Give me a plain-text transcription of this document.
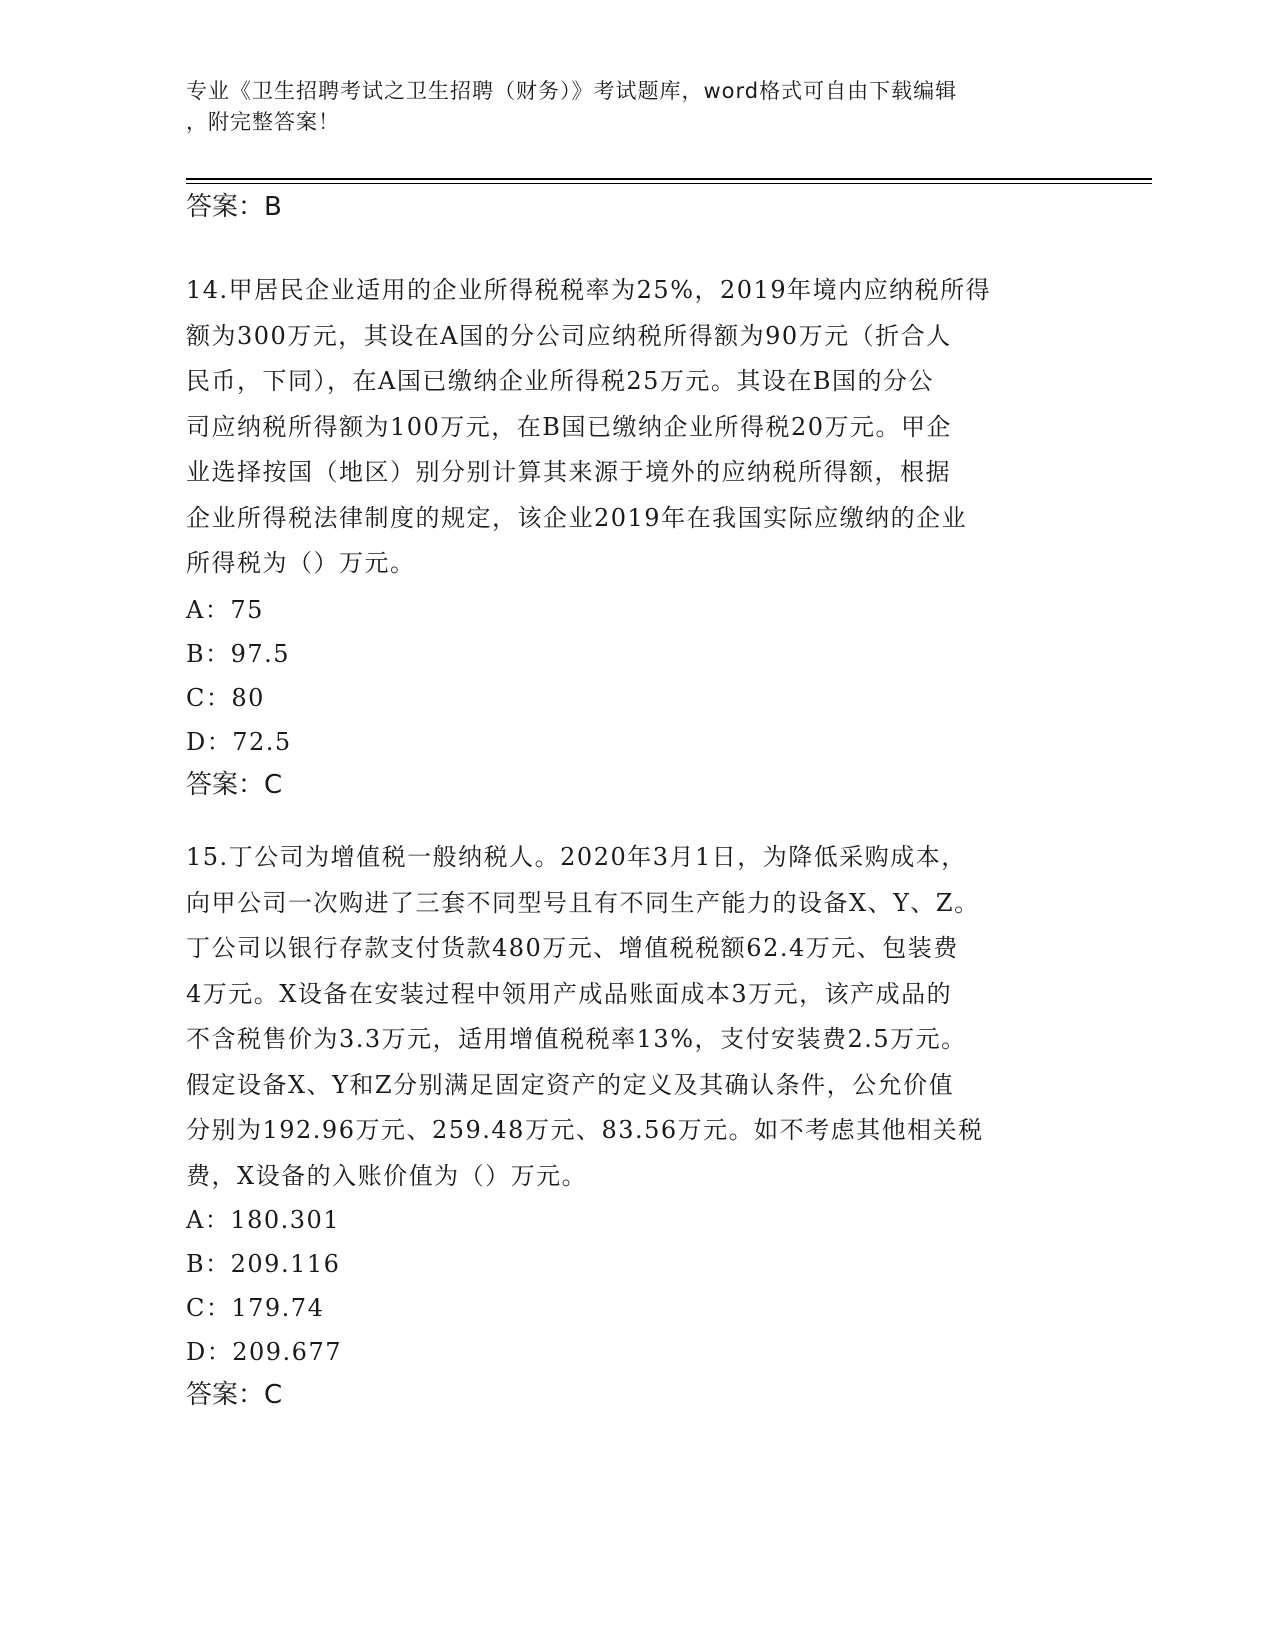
专业《卫生招聘考试之卫生招聘（财务）》考试题库，word格式可自由下载编辑
，附完整答案！
答案：B
14.甲居民企业适用的企业所得税税率为25%，2019年境内应纳税所得
额为300万元，其设在A国的分公司应纳税所得额为90万元（折合人
民币，下同），在A国已缴纳企业所得税25万元。其设在B国的分公
司应纳税所得额为100万元，在B国已缴纳企业所得税20万元。甲企
业选择按国（地区）别分别计算其来源于境外的应纳税所得额，根据
企业所得税法律制度的规定，该企业2019年在我国实际应缴纳的企业
所得税为（）万元。
A：75
B：97.5
C：80
D：72.5
答案：C
15.丁公司为增值税一般纳税人。2020年3月1日，为降低采购成本，
向甲公司一次购进了三套不同型号且有不同生产能力的设备X、Y、Z。
丁公司以银行存款支付货款480万元、增值税税额62.4万元、包装费
4万元。X设备在安装过程中领用产成品账面成本3万元，该产成品的
不含税售价为3.3万元，适用增值税税率13%，支付安装费2.5万元。
假定设备X、Y和Z分别满足固定资产的定义及其确认条件，公允价值
分别为192.96万元、259.48万元、83.56万元。如不考虑其他相关税
费，X设备的入账价值为（）万元。
A：180.301
B：209.116
C：179.74
D：209.677
答案：C
